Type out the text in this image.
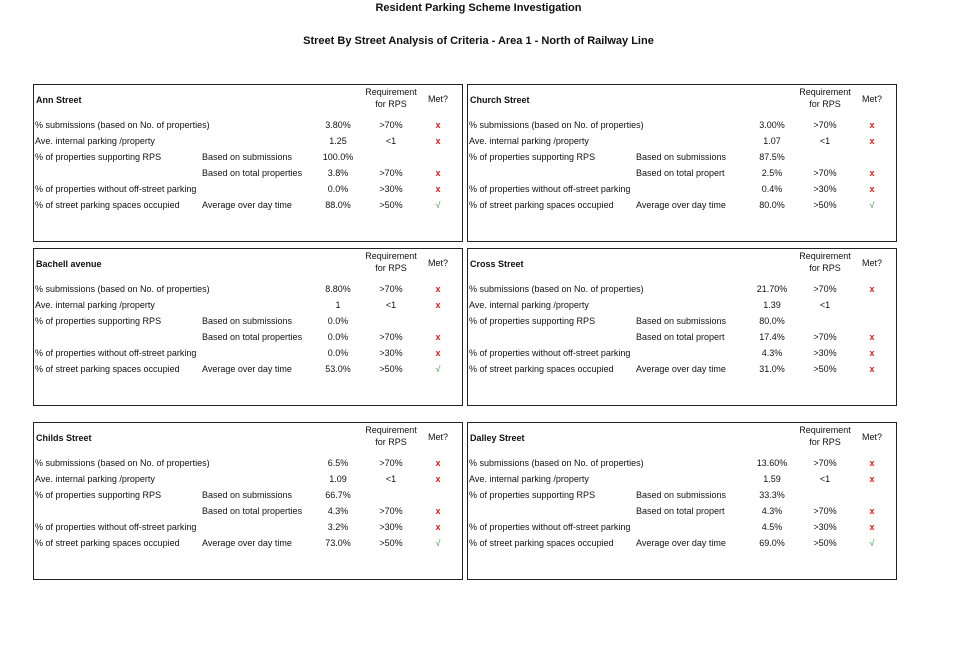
Resident Parking Scheme Investigation
Street By Street Analysis of Criteria - Area 1 - North of Railway Line
Ann Street
Requirement
for RPS	Met?
% submissions (based on No. of properties)	3.80%	>70%	x
Ave. internal parking /property	1.25	<1	x
% of properties supporting RPS	Based on submissions	100.0%
Based on total properties	3.8%	>70%	x
% of properties without off-street parking	0.0%	>30%	x
% of street parking spaces occupied Average over day time	88.0%	>50%	√
Church Street
Requirement
for RPS	Met?
% submissions (based on No. of properties)	3.00%	>70%	x
Ave. internal parking /property	1.07	<1	x
% of properties supporting RPS	Based on submissions	87.5%
Based on total propert	2.5%	>70%	x
% of properties without off-street parking	0.4%	>30%	x
% of street parking spaces occupied Average over day time	80.0%	>50%	√
Bachell avenue
Requirement
for RPS	Met?
% submissions (based on No. of properties)	8.80%	>70%	x
Ave. internal parking /property	1	<1	x
% of properties supporting RPS	Based on submissions	0.0%
Based on total properties	0.0%	>70%	x
% of properties without off-street parking	0.0%	>30%	x
% of street parking spaces occupied Average over day time	53.0%	>50%	√
Cross Street
Requirement
for RPS	Met?
% submissions (based on No. of properties)	21.70%	>70%	x
Ave. internal parking /property	1.39	<1
% of properties supporting RPS	Based on submissions	80.0%
Based on total propert	17.4%	>70%	x
% of properties without off-street parking	4.3%	>30%	x
% of street parking spaces occupied Average over day time	31.0%	>50%	x
Childs Street
Requirement
for RPS	Met?
% submissions (based on No. of properties)	6.5%	>70%	x
Ave. internal parking /property	1.09	<1	x
% of properties supporting RPS	Based on submissions	66.7%
Based on total properties	4.3%	>70%	x
% of properties without off-street parking	3.2%	>30%	x
% of street parking spaces occupied Average over day time	73.0%	>50%	√
Dalley Street
Requirement
for RPS	Met?
% submissions (based on No. of properties)	13.60%	>70%	x
Ave. internal parking /property	1.59	<1	x
% of properties supporting RPS	Based on submissions	33.3%
Based on total propert	4.3%	>70%	x
% of properties without off-street parking	4.5%	>30%	x
% of street parking spaces occupied Average over day time	69.0%	>50%	√
